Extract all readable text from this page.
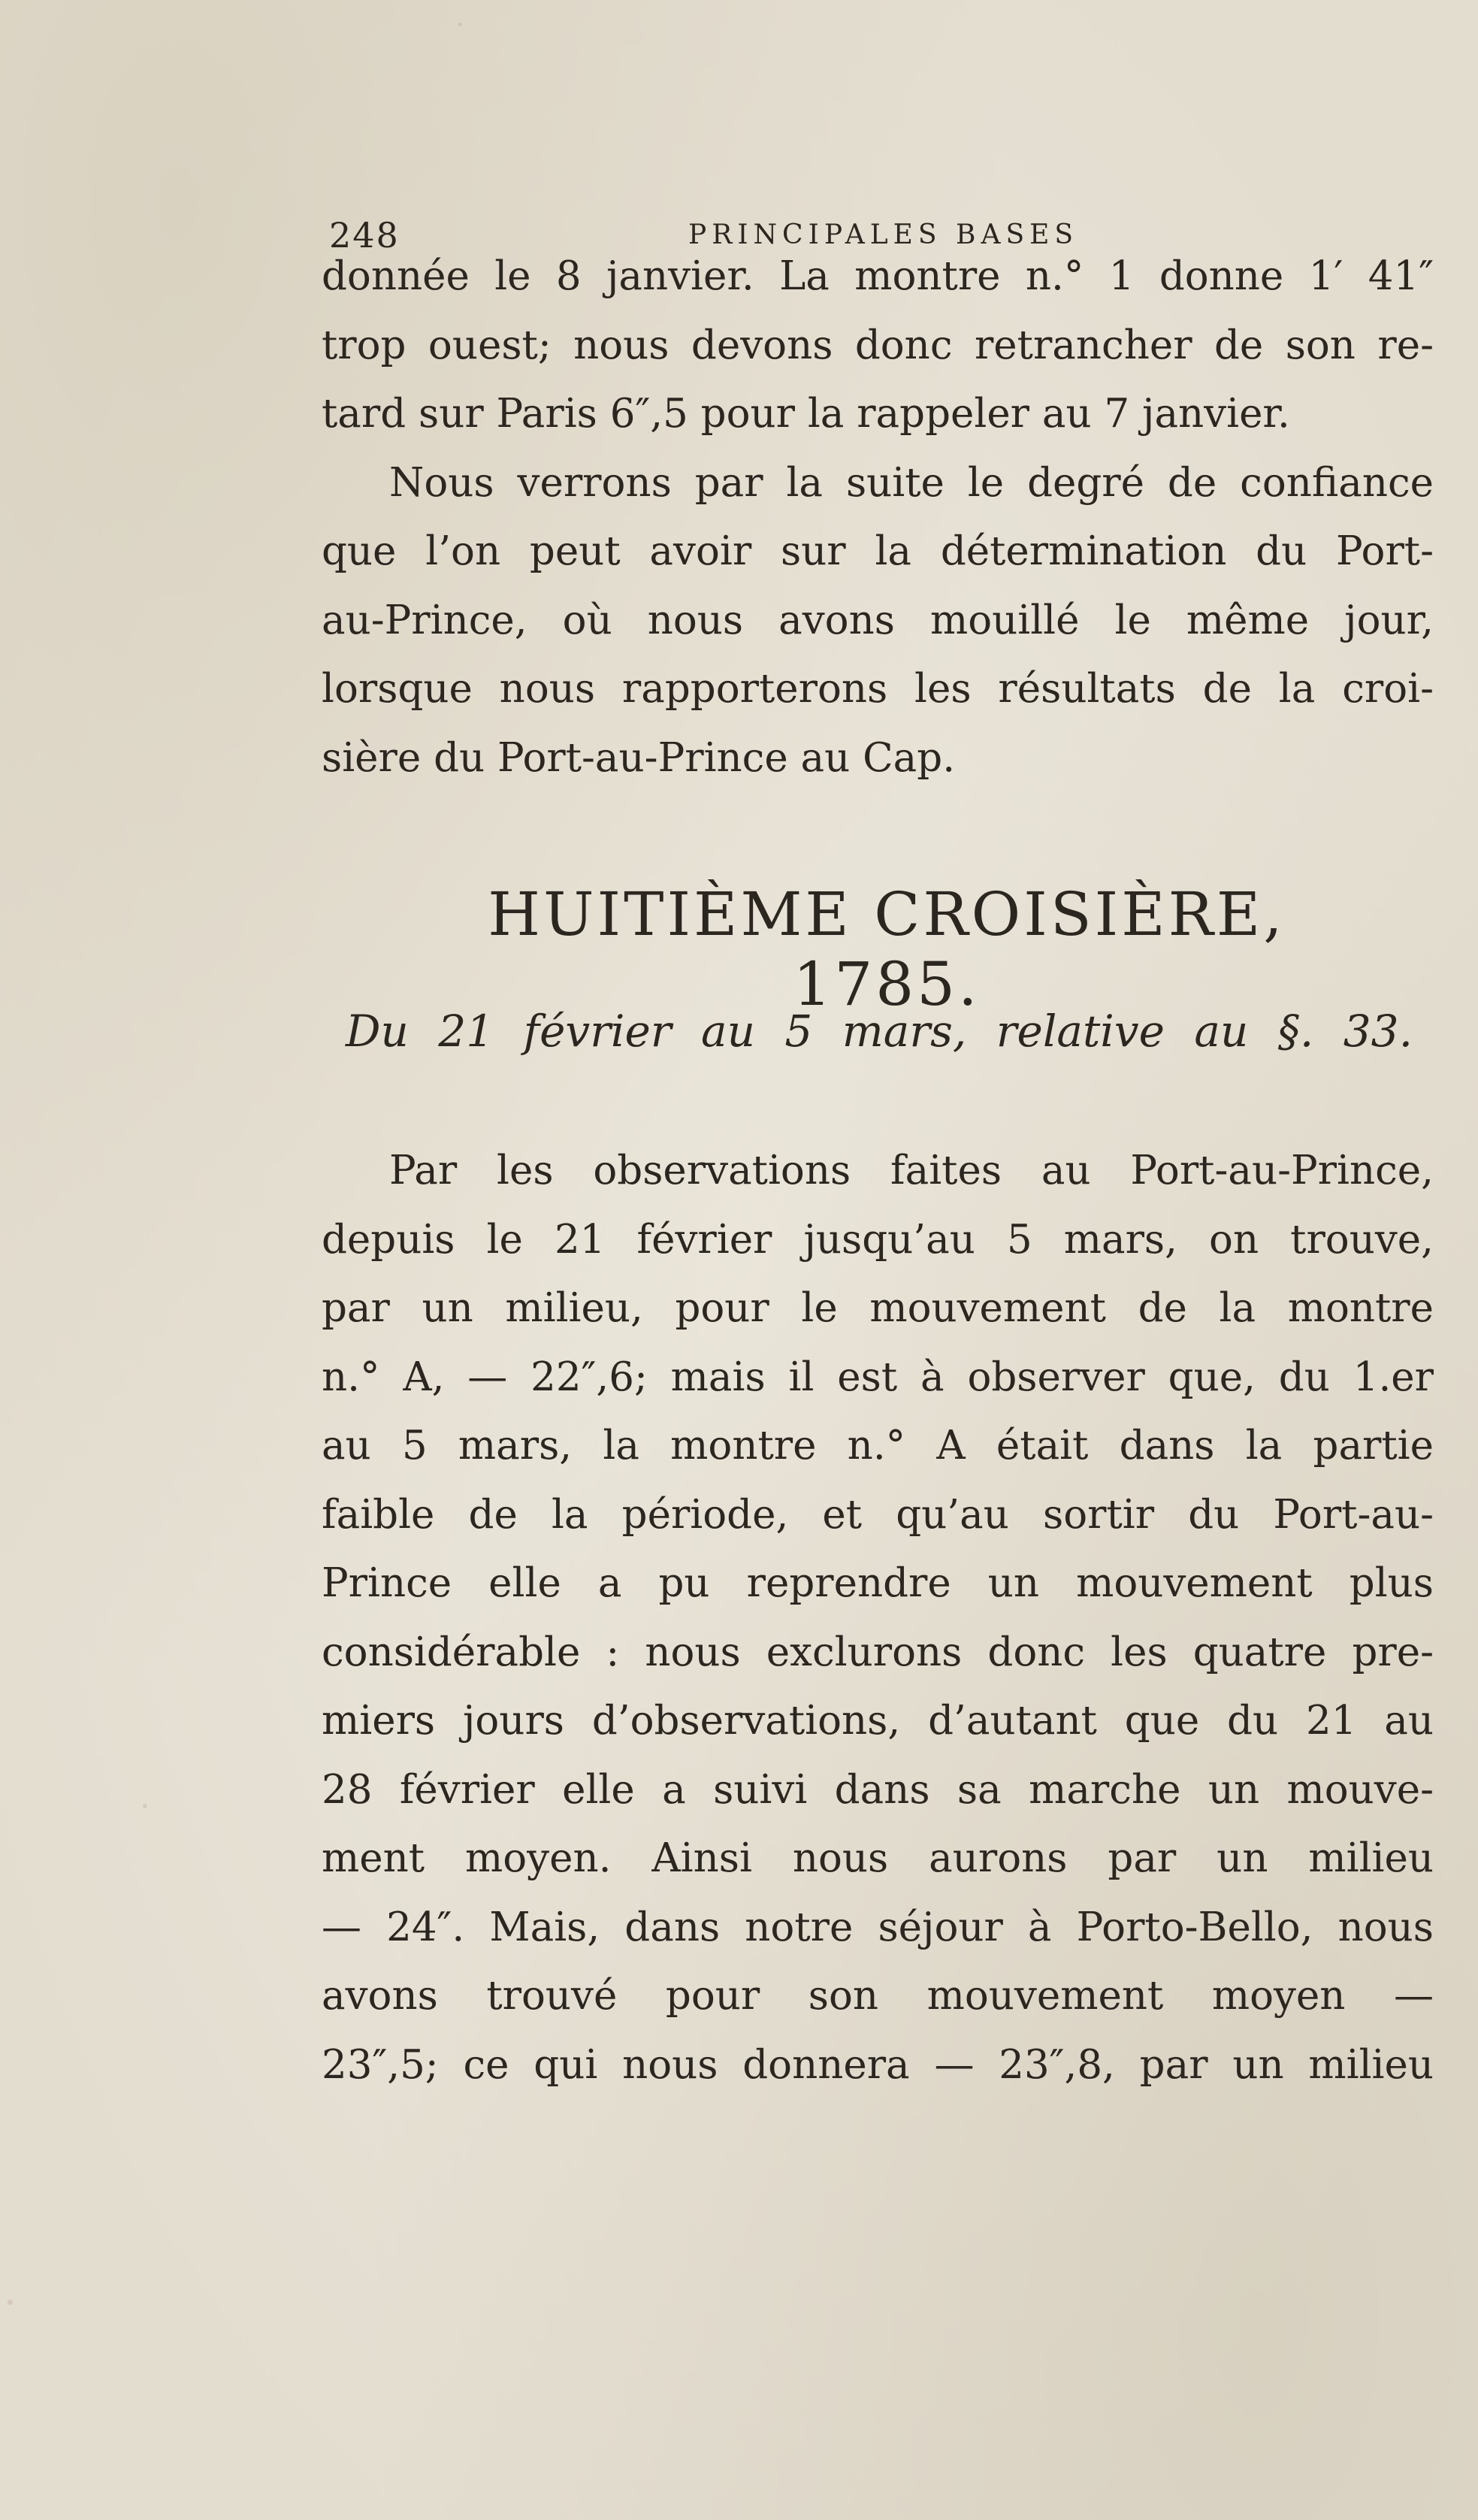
248	PRINCIPALES BASES
donnée le 8 janvier. La montre n.° 1 donne 1′ 41″
trop ouest; nous devons donc retrancher de son re-
tard sur Paris 6″,5 pour la rappeler au 7 janvier.
Nous verrons par la suite le degré de confiance
que l’on peut avoir sur la détermination du Port-
au-Prince, où nous avons mouillé le même jour,
lorsque nous rapporterons les résultats de la croi-
sière du Port-au-Prince au Cap.
HUITIÈME CROISIÈRE, 1785.
Du 21 février au 5 mars, relative au §. 33.
Par les observations faites au Port-au-Prince,
depuis le 21 février jusqu’au 5 mars, on trouve,
par un milieu, pour le mouvement de la montre
n.° A, — 22″,6; mais il est à observer que, du 1.er
au 5 mars, la montre n.° A était dans la partie
faible de la période, et qu’au sortir du Port-au-
Prince elle a pu reprendre un mouvement plus
considérable : nous exclurons donc les quatre pre-
miers jours d’observations, d’autant que du 21 au
28 février elle a suivi dans sa marche un mouve-
ment moyen. Ainsi nous aurons par un milieu
— 24″. Mais, dans notre séjour à Porto-Bello, nous
avons trouvé pour son mouvement moyen —
23″,5; ce qui nous donnera — 23″,8, par un milieu
